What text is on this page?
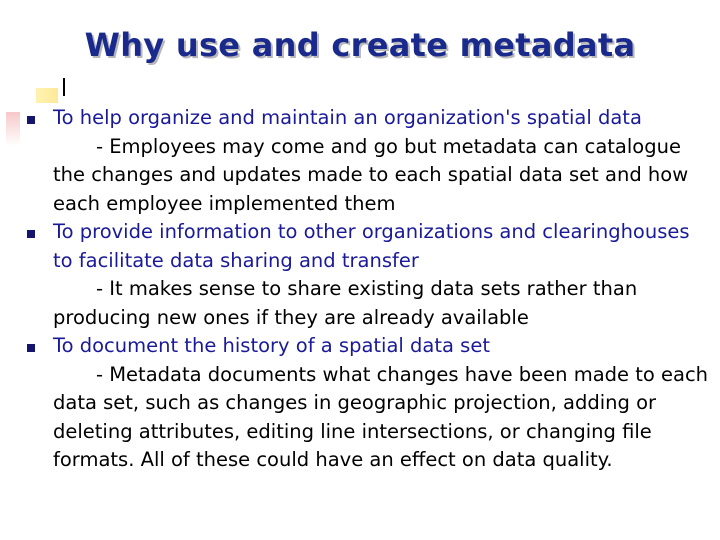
Why use and create metadata
To help organize and maintain an organization's spatial data
- Employees may come and go but metadata can catalogue the changes and updates made to each spatial data set and how each employee implemented them
To provide information to other organizations and clearinghouses to facilitate data sharing and transfer
- It makes sense to share existing data sets rather than producing new ones if they are already available
To document the history of a spatial data set
- Metadata documents what changes have been made to each data set, such as changes in geographic projection, adding or deleting attributes, editing line intersections, or changing file formats. All of these could have an effect on data quality.
